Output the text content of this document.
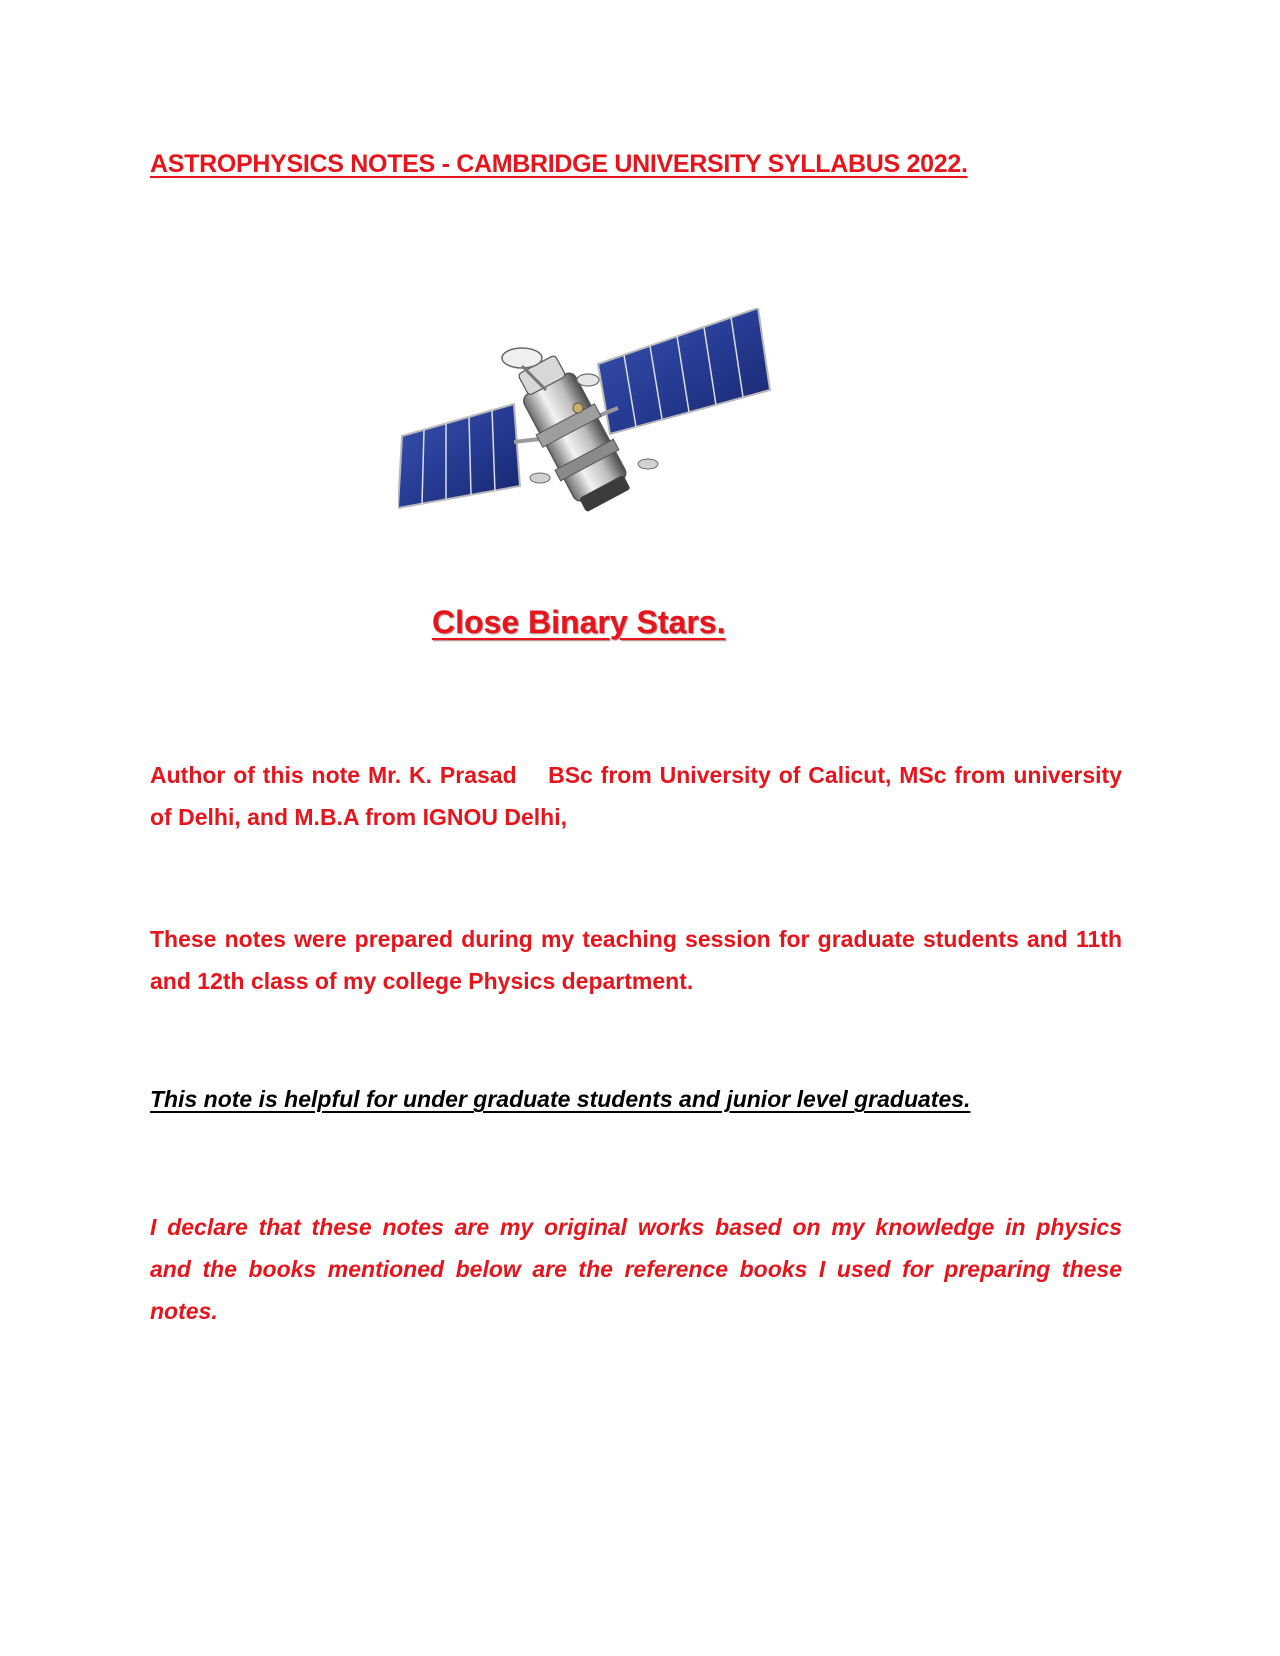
ASTROPHYSICS NOTES - CAMBRIDGE UNIVERSITY SYLLABUS 2022.
Close Binary Stars.

Author of this note Mr. K. Prasad BSc from University of Calicut, MSc from university of Delhi, and M.B.A from IGNOU Delhi,

These notes were prepared during my teaching session for graduate students and 11th and 12th class of my college Physics department.

This note is helpful for under graduate students and junior level graduates.

I declare that these notes are my original works based on my knowledge in physics and the books mentioned below are the reference books I used for preparing these notes.
